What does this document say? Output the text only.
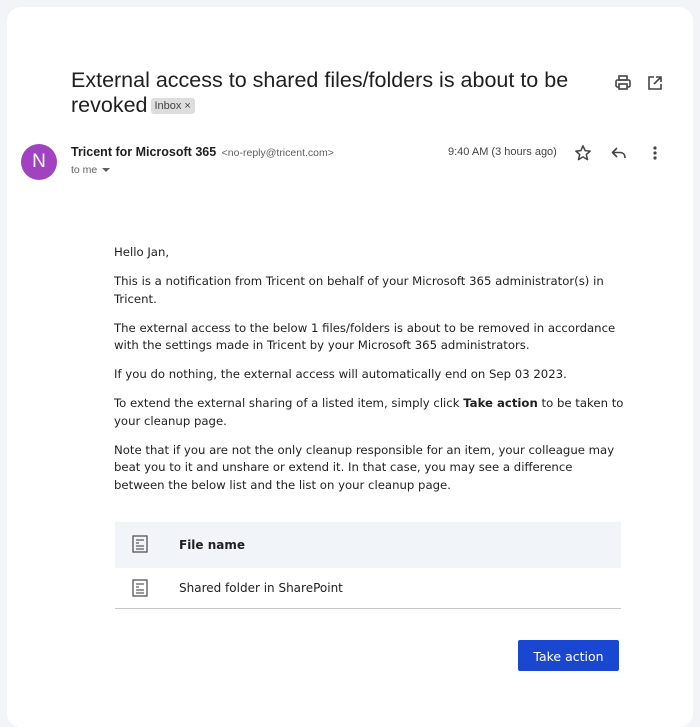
External access to shared files/folders is about to be revoked Inbox ×
N	Tricent for Microsoft 365 <no-reply@tricent.com>
to me
9:40 AM (3 hours ago)

Hello Jan,

This is a notification from Tricent on behalf of your Microsoft 365 administrator(s) in Tricent.

The external access to the below 1 files/folders is about to be removed in accordance with the settings made in Tricent by your Microsoft 365 administrators.

If you do nothing, the external access will automatically end on Sep 03 2023.

To extend the external sharing of a listed item, simply click Take action to be taken to your cleanup page.

Note that if you are not the only cleanup responsible for an item, your colleague may beat you to it and unshare or extend it. In that case, you may see a difference between the below list and the list on your cleanup page.

File name
Shared folder in SharePoint
Take action
